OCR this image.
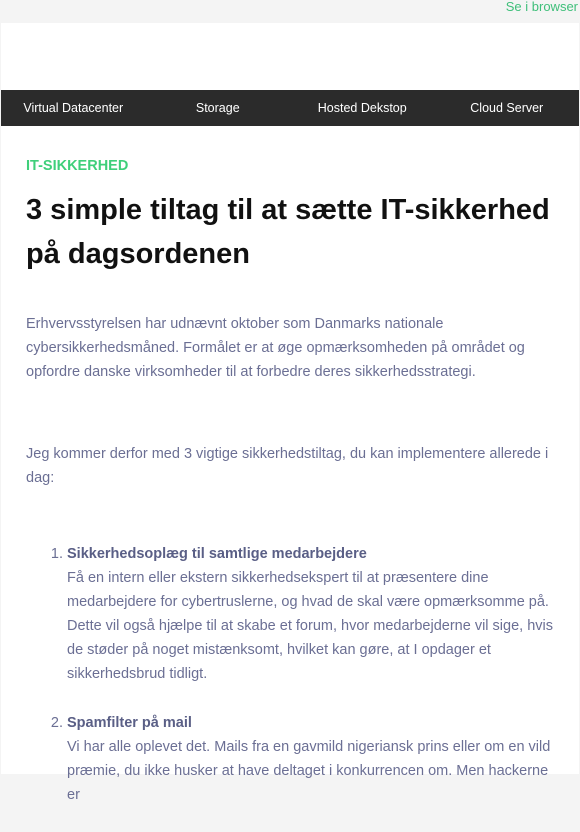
Se i browser
Virtual Datacenter	Storage	Hosted Dekstop	Cloud Server
IT-SIKKERHED
3 simple tiltag til at sætte IT-sikkerhed på dagsordenen

Erhvervsstyrelsen har udnævnt oktober som Danmarks nationale cybersikkerhedsmåned. Formålet er at øge opmærksomheden på området og opfordre danske virksomheder til at forbedre deres sikkerhedsstrategi.

Jeg kommer derfor med 3 vigtige sikkerhedstiltag, du kan implementere allerede i dag:

1. Sikkerhedsoplæg til samtlige medarbejdere
Få en intern eller ekstern sikkerhedsekspert til at præsentere dine medarbejdere for cybertruslerne, og hvad de skal være opmærksomme på. Dette vil også hjælpe til at skabe et forum, hvor medarbejderne vil sige, hvis de støder på noget mistænksomt, hvilket kan gøre, at I opdager et sikkerhedsbrud tidligt.
2. Spamfilter på mail
Vi har alle oplevet det. Mails fra en gavmild nigeriansk prins eller om en vild præmie, du ikke husker at have deltaget i konkurrencen om. Men hackerne er
